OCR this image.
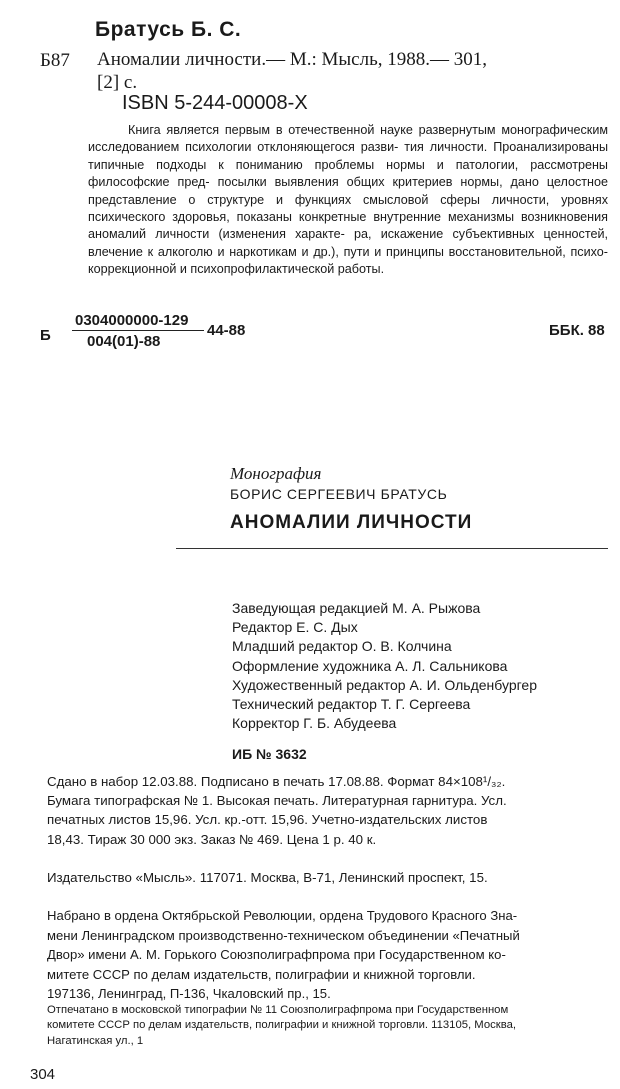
Братусь Б. С.
Б87 Аномалии личности.— М.: Мысль, 1988.— 301,
[2] с.
ISBN 5-244-00008-X

Книга является первым в отечественной науке развернутым монографическим исследованием психологии отклоняющегося разви- тия личности. Проанализированы типичные подходы к пониманию проблемы нормы и патологии, рассмотрены философские пред- посылки выявления общих критериев нормы, дано целостное представление о структуре и функциях смысловой сферы личности, уровнях психического здоровья, показаны конкретные внутренние механизмы возникновения аномалий личности (изменения характе- ра, искажение субъективных ценностей, влечение к алкоголю и наркотикам и др.), пути и принципы восстановительной, психо- коррекционной и психопрофилактической работы.

Б
0304000000-129
004(01)-88
44-88	ББК. 88
Монография
БОРИС СЕРГЕЕВИЧ БРАТУСЬ
АНОМАЛИИ ЛИЧНОСТИ
Заведующая редакцией М. А. Рыжова
Редактор Е. С. Дых
Младший редактор О. В. Колчина
Оформление художника А. Л. Сальникова
Художественный редактор А. И. Ольденбургер
Технический редактор Т. Г. Сергеева
Корректор Г. Б. Абудеева
ИБ № 3632
Сдано в набор 12.03.88. Подписано в печать 17.08.88. Формат 84×108¹/₃₂.
Бумага типографская № 1. Высокая печать. Литературная гарнитура. Усл.
печатных листов 15,96. Усл. кр.-отт. 15,96. Учетно-издательских листов
18,43. Тираж 30 000 экз. Заказ № 469. Цена 1 р. 40 к.
Издательство «Мысль». 117071. Москва, В-71, Ленинский проспект, 15.
Набрано в ордена Октябрьской Революции, ордена Трудового Красного Зна-
мени Ленинградском производственно-техническом объединении «Печатный
Двор» имени А. М. Горького Союзполиграфпрома при Государственном ко-
митете СССР по делам издательств, полиграфии и книжной торговли.
197136, Ленинград, П-136, Чкаловский пр., 15.
Отпечатано в московской типографии № 11 Союзполиграфпрома при Государственном
комитете СССР по делам издательств, полиграфии и книжной торговли. 113105, Москва,
Нагатинская ул., 1
304
